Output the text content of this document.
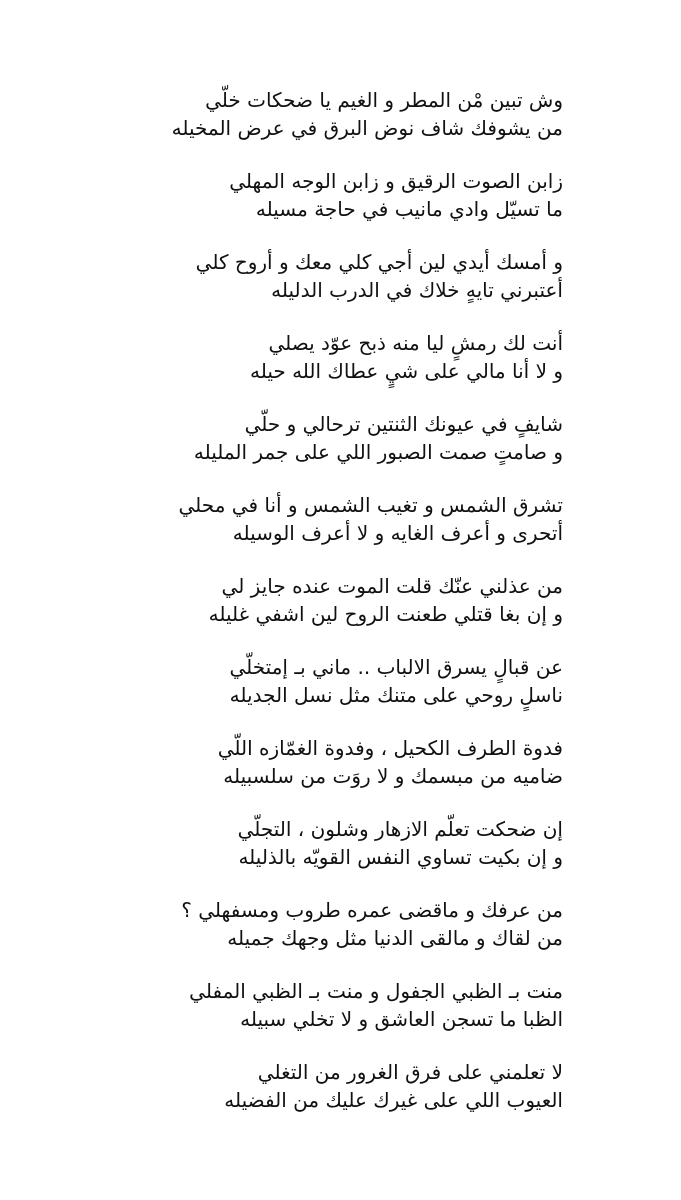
وش تبين مْن المطر و الغيم يا ضحكات خلّي
من يشوفك شاف نوض البرق في عرض المخيله
زابن الصوت الرقيق و زابن الوجه المهلي
ما تسيّل وادي مانيب في حاجة مسيله
و أمسك أيدي لين أجي كلي معك و أروح كلي
أعتبرني تايهٍ خلاك في الدرب الدليله
أنت لك رمشٍ ليا منه ذبح عوّد يصلي
و لا أنا مالي على شيٍ عطاك الله حيله
شايفٍ في عيونك الثنتين ترحالي و حلّي
و صامتٍ صمت الصبور اللي على جمر المليله
تشرق الشمس و تغيب الشمس و أنا في محلي
أتحرى و أعرف الغايه و لا أعرف الوسيله
من عذلني عنّك قلت الموت عنده جايز لي
و إن بغا قتلي طعنت الروح لين اشفي غليله
عن قبالٍ يسرق الالباب .. ماني بـ إمتخلّي
ناسلٍ روحي على متنك مثل نسل الجديله
فدوة الطرف الكحيل ، وفدوة الغمّازه اللّي
ضاميه من مبسمك و لا روَت من سلسبيله
إن ضحكت تعلّم الازهار وشلون ، التجلّي
و إن بكيت تساوي النفس القويّه بالذليله
من عرفك و ماقضى عمره طروب ومسفهلي ؟
من لقاك و مالقى الدنيا مثل وجهك جميله
منت بـ الظبي الجفول و منت بـ الظبي المفلي
الظبا ما تسجن العاشق و لا تخلي سبيله
لا تعلمني على فرق الغرور من التغلي
العيوب اللي على غيرك عليك من الفضيله
